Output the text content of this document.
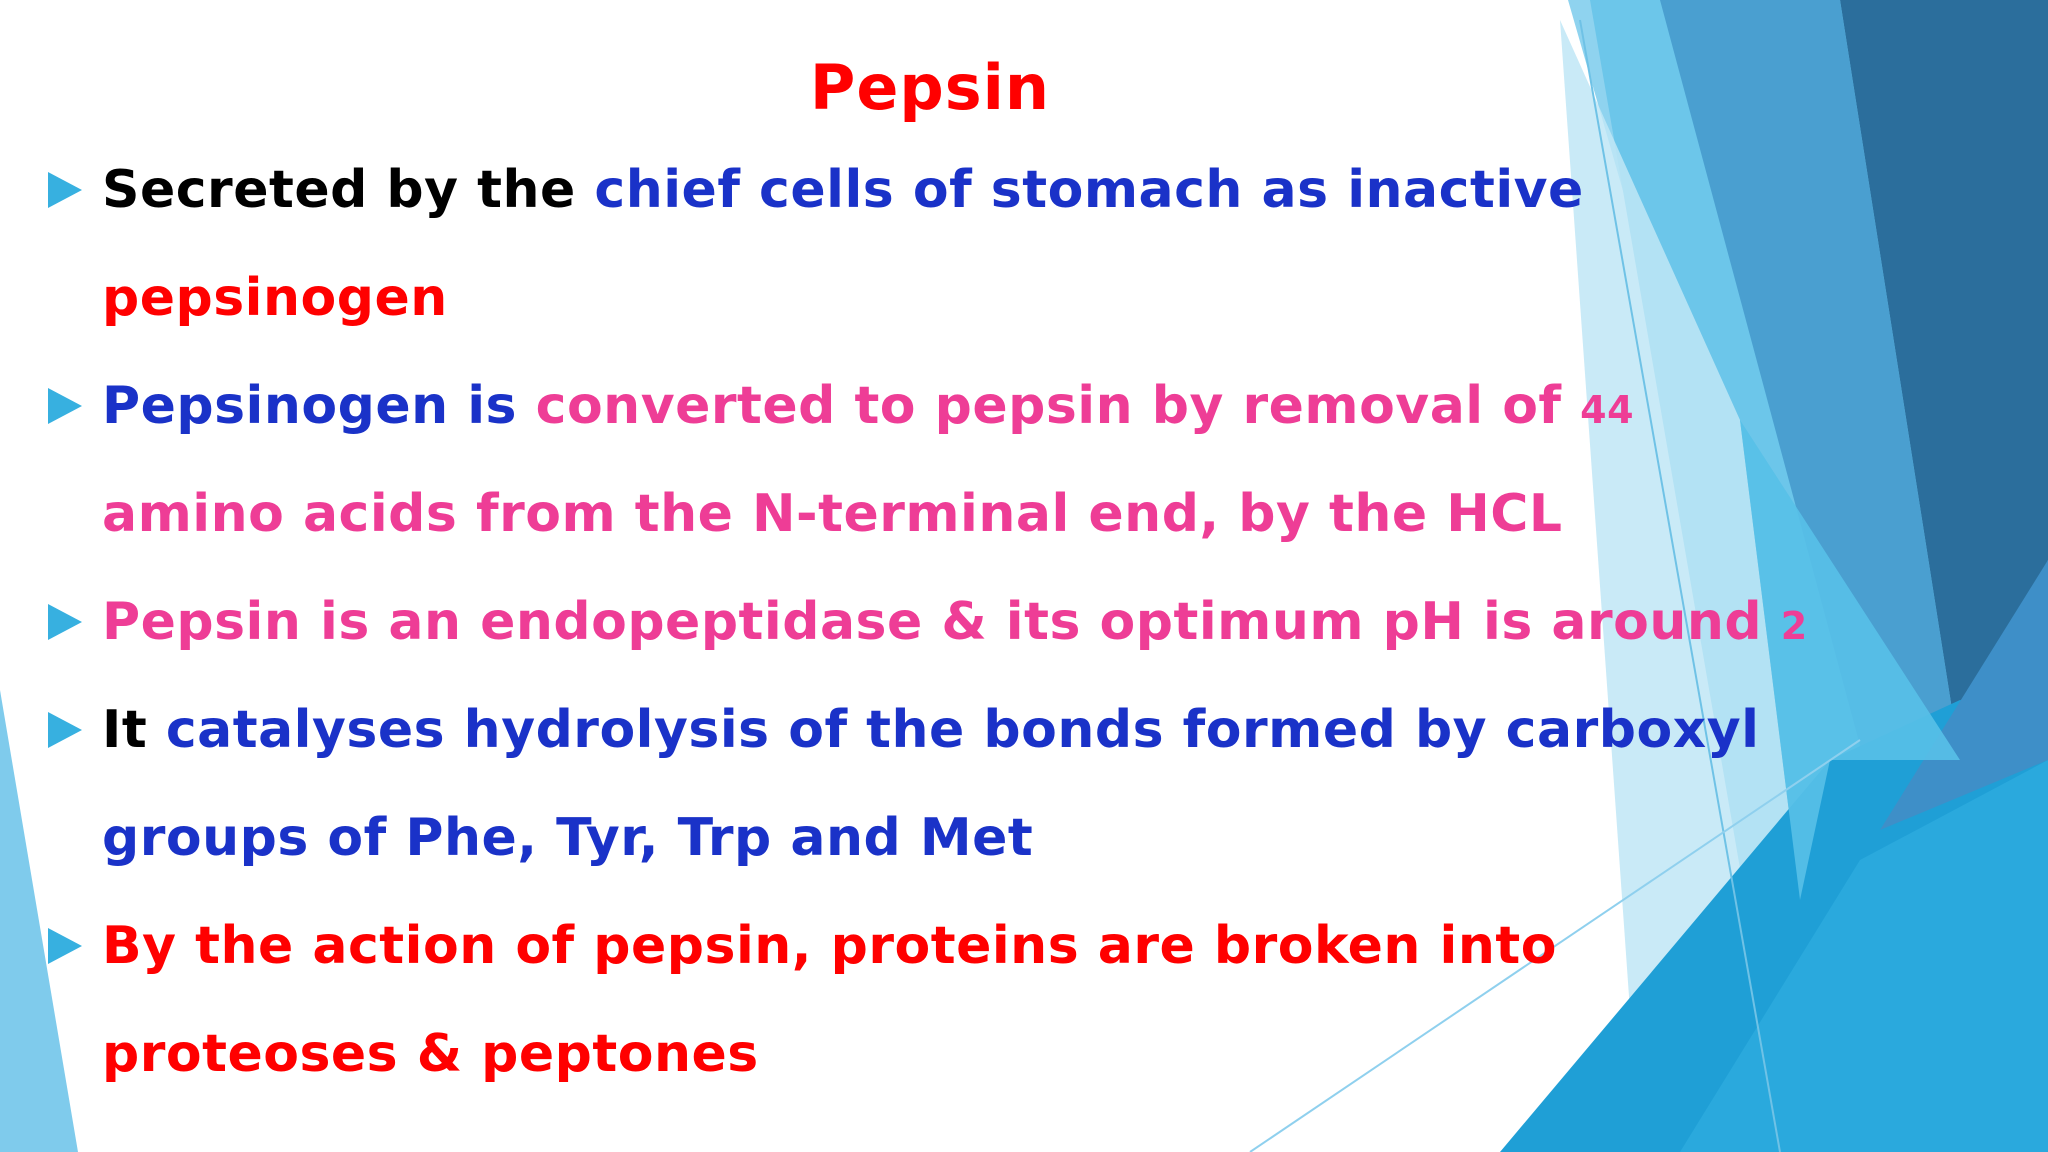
Pepsin
Secreted by the chief cells of stomach as inactive
pepsinogen
Pepsinogen is converted to pepsin by removal of 44
amino acids from the N-terminal end, by the HCL
Pepsin is an endopeptidase & its optimum pH is around 2
It catalyses hydrolysis of the bonds formed by carboxyl
groups of Phe, Tyr, Trp and Met
By the action of pepsin, proteins are broken into
proteoses & peptones
